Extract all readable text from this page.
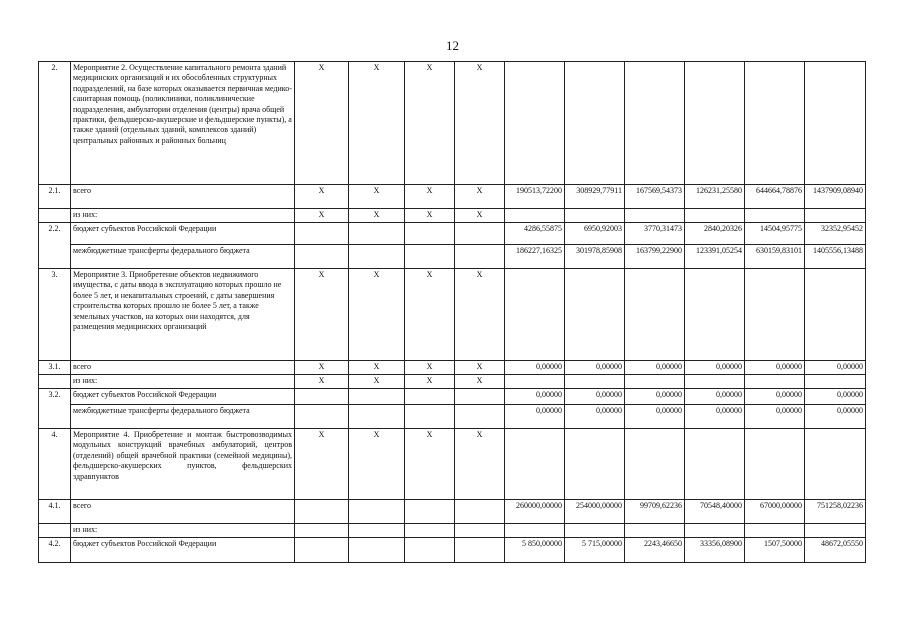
12
2.	Мероприятие 2. Осуществление капитального ремонта зданий медицинских организаций и их обособленных структурных подразделений, на базе которых оказывается первичная медико-санитарная помощь (поликлиники, поликлинические подразделения, амбулатории отделения (центры) врача общей практики, фельдшерско-акушерские и фельдшерские пункты), а также зданий (отдельных зданий, комплексов зданий) центральных районных и районных больниц	X	X	X	X						
2.1.	всего	X	X	X	X	190513,72200	308929,77911	167569,54373	126231,25580	644664,78876	1437909,08940
	из них:	X	X	X	X						
2.2.	бюджет субъектов Российской Федерации					4286,55875	6950,92003	3770,31473	2840,20326	14504,95775	32352,95452
	межбюджетные трансферты федерального бюджета					186227,16325	301978,85908	163799,22900	123391,05254	630159,83101	1405556,13488
3.	Мероприятие 3. Приобретение объектов недвижимого имущества, с даты ввода в эксплуатацию которых прошло не более 5 лет, и некапитальных строений, с даты завершения строительства которых прошло не более 5 лет, а также земельных участков, на которых они находятся, для размещения медицинских организаций	X	X	X	X						
3.1.	всего	X	X	X	X	0,00000	0,00000	0,00000	0,00000	0,00000	0,00000
	из них:	X	X	X	X						
3.2.	бюджет субъектов Российской Федерации					0,00000	0,00000	0,00000	0,00000	0,00000	0,00000
	межбюджетные трансферты федерального бюджета					0,00000	0,00000	0,00000	0,00000	0,00000	0,00000
4.	Мероприятие 4. Приобретение и монтаж быстровозводимых модульных конструкций врачебных амбулаторий, центров (отделений) общей врачебной практики (семейной медицины), фельдшерско-акушерских пунктов, фельдшерских здравпунктов	X	X	X	X						
4.1.	всего					260000,00000	254000,00000	99709,62236	70548,40000	67000,00000	751258,02236
	из них:										
4.2.	бюджет субъектов Российской Федерации					5 850,00000	5 715,00000	2243,46650	33356,08900	1507,50000	48672,05550
